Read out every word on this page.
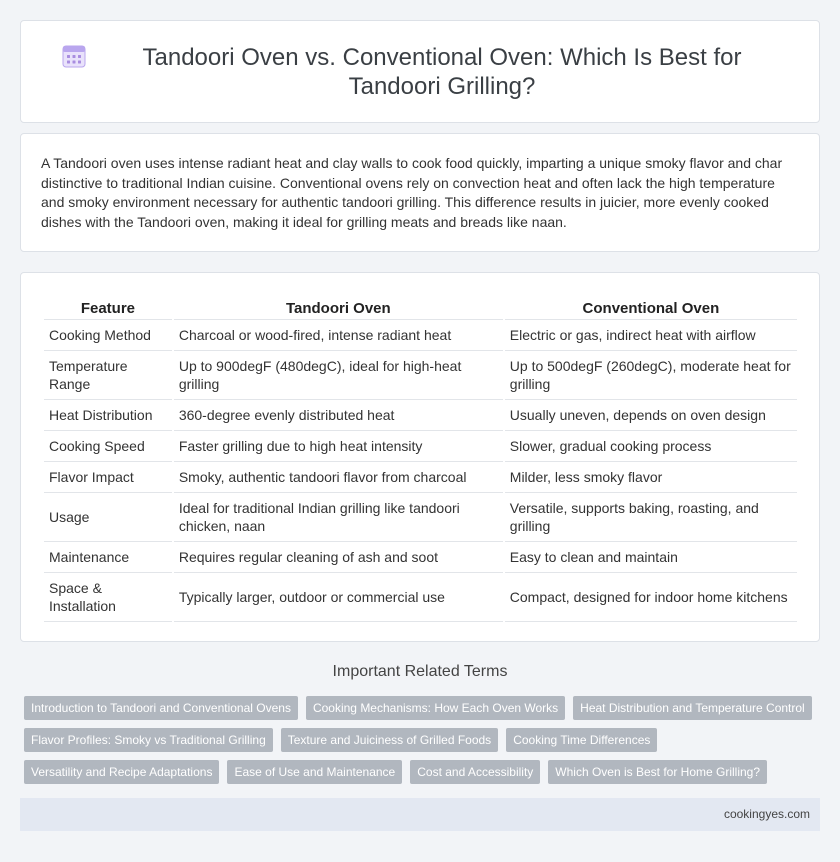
Tandoori Oven vs. Conventional Oven: Which Is Best for Tandoori Grilling?

A Tandoori oven uses intense radiant heat and clay walls to cook food quickly, imparting a unique smoky flavor and char distinctive to traditional Indian cuisine. Conventional ovens rely on convection heat and often lack the high temperature and smoky environment necessary for authentic tandoori grilling. This difference results in juicier, more evenly cooked dishes with the Tandoori oven, making it ideal for grilling meats and breads like naan.

Feature	Tandoori Oven	Conventional Oven
Cooking Method	Charcoal or wood-fired, intense radiant heat	Electric or gas, indirect heat with airflow
Temperature Range	Up to 900degF (480degC), ideal for high-heat grilling	Up to 500degF (260degC), moderate heat for grilling
Heat Distribution	360-degree evenly distributed heat	Usually uneven, depends on oven design
Cooking Speed	Faster grilling due to high heat intensity	Slower, gradual cooking process
Flavor Impact	Smoky, authentic tandoori flavor from charcoal	Milder, less smoky flavor
Usage	Ideal for traditional Indian grilling like tandoori chicken, naan	Versatile, supports baking, roasting, and grilling
Maintenance	Requires regular cleaning of ash and soot	Easy to clean and maintain
Space & Installation	Typically larger, outdoor or commercial use	Compact, designed for indoor home kitchens
Important Related Terms
Introduction to Tandoori and Conventional Ovens	Cooking Mechanisms: How Each Oven Works	Heat Distribution and Temperature Control
Flavor Profiles: Smoky vs Traditional Grilling	Texture and Juiciness of Grilled Foods	Cooking Time Differences
Versatility and Recipe Adaptations	Ease of Use and Maintenance	Cost and Accessibility	Which Oven is Best for Home Grilling?
cookingyes.com
